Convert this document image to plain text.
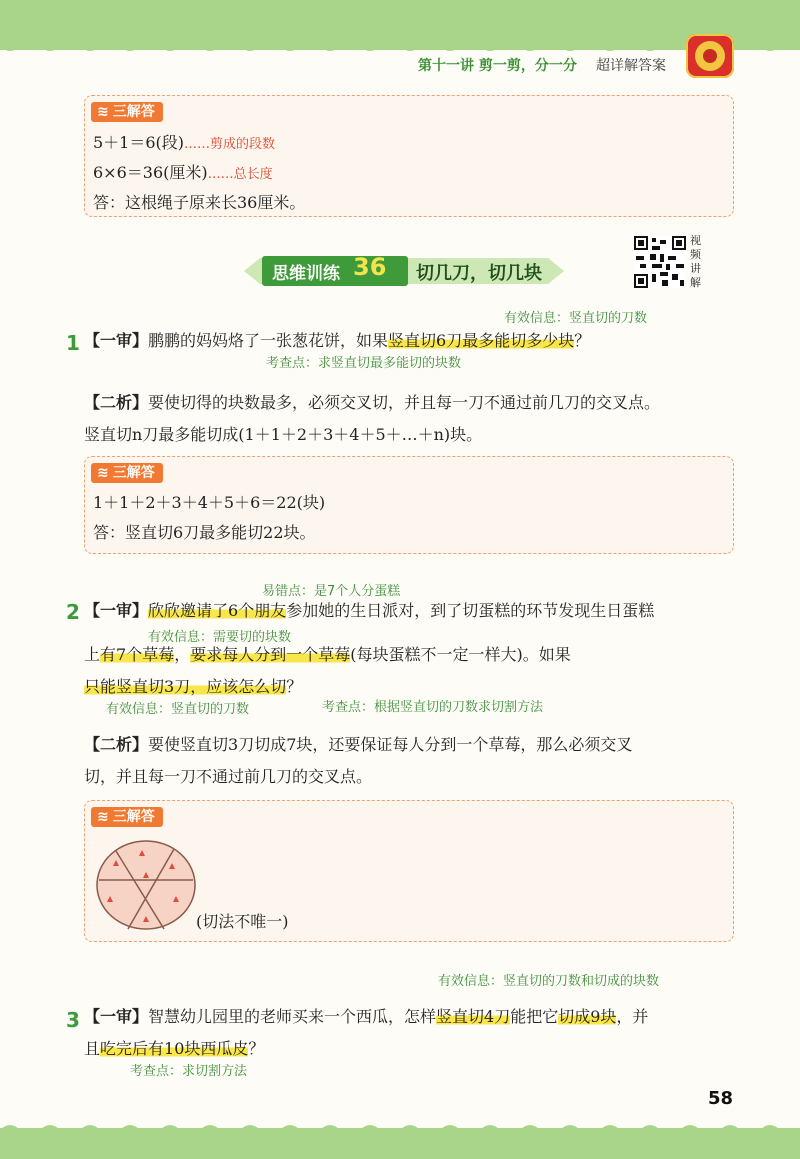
第十一讲 剪一剪，分一分 超详解答案
≋ 三解答
5＋1＝6(段)……剪成的段数
6×6＝36(厘米)……总长度
答：这根绳子原来长36厘米。
思维训练 36 切几刀，切几块
视频讲解
有效信息：竖直切的刀数
1 【一审】鹏鹏的妈妈烙了一张葱花饼，如果竖直切6刀最多能切多少块？
考查点：求竖直切最多能切的块数
【二析】要使切得的块数最多，必须交叉切，并且每一刀不通过前几刀的交叉点。
竖直切n刀最多能切成(1＋1＋2＋3＋4＋5＋…＋n)块。
≋ 三解答
1＋1＋2＋3＋4＋5＋6＝22(块)
答：竖直切6刀最多能切22块。
易错点：是7个人分蛋糕
2 【一审】欣欣邀请了6个朋友参加她的生日派对，到了切蛋糕的环节发现生日蛋糕
有效信息：需要切的块数
上有7个草莓，要求每人分到一个草莓(每块蛋糕不一定一样大)。如果
只能竖直切3刀，应该怎么切？
有效信息：竖直切的刀数	考查点：根据竖直切的刀数求切割方法
【二析】要使竖直切3刀切成7块，还要保证每人分到一个草莓，那么必须交叉
切，并且每一刀不通过前几刀的交叉点。
≋ 三解答
(切法不唯一)
有效信息：竖直切的刀数和切成的块数
3 【一审】智慧幼儿园里的老师买来一个西瓜，怎样竖直切4刀能把它切成9块，并
且吃完后有10块西瓜皮？
考查点：求切割方法
58
